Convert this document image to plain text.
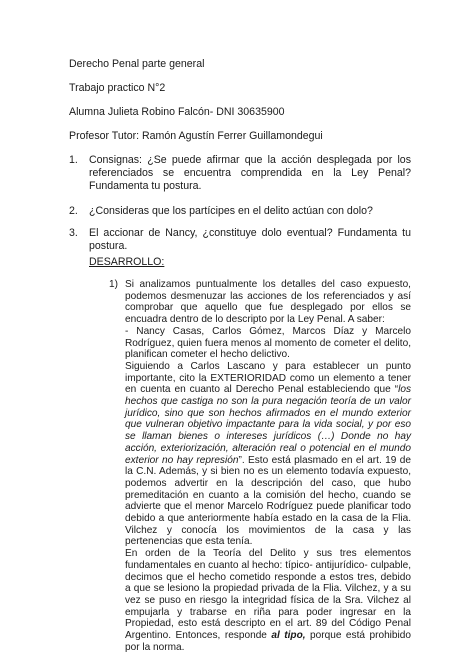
Derecho Penal parte general
Trabajo practico N°2
Alumna Julieta Robino Falcón- DNI 30635900
Profesor Tutor: Ramón Agustín Ferrer Guillamondegui
1. Consignas: ¿Se puede afirmar que la acción desplegada por los referenciados se encuentra comprendida en la Ley Penal? Fundamenta tu postura.
2. ¿Consideras que los partícipes en el delito actúan con dolo?
3. El accionar de Nancy, ¿constituye dolo eventual? Fundamenta tu postura.
DESARROLLO:
1) Si analizamos puntualmente los detalles del caso expuesto, podemos desmenuzar las acciones de los referenciados y así comprobar que aquello que fue desplegado por ellos se encuadra dentro de lo descripto por la Ley Penal. A saber:

- Nancy Casas, Carlos Gómez, Marcos Díaz y Marcelo Rodríguez, quien fuera menos al momento de cometer el delito, planifican cometer el hecho delictivo.

Siguiendo a Carlos Lascano y para establecer un punto importante, cito la EXTERIORIDAD como un elemento a tener en cuenta en cuanto al Derecho Penal estableciendo que “los hechos que castiga no son la pura negación teoría de un valor jurídico, sino que son hechos afirmados en el mundo exterior que vulneran objetivo impactante para la vida social, y por eso se llaman bienes o intereses jurídicos (…) Donde no hay acción, exteriorización, alteración real o potencial en el mundo exterior no hay represión”. Esto está plasmado en el art. 19 de la C.N. Además, y si bien no es un elemento todavía expuesto, podemos advertir en la descripción del caso, que hubo premeditación en cuanto a la comisión del hecho, cuando se advierte que el menor Marcelo Rodríguez puede planificar todo debido a que anteriormente había estado en la casa de la Flia. Vilchez y conocía los movimientos de la casa y las pertenencias que esta tenía.

En orden de la Teoría del Delito y sus tres elementos fundamentales en cuanto al hecho: típico- antijurídico- culpable, decimos que el hecho cometido responde a estos tres, debido a que se lesiono la propiedad privada de la Flia. Vilchez, y a su vez se puso en riesgo la integridad física de la Sra. Vilchez al empujarla y trabarse en riña para poder ingresar en la Propiedad, esto está descripto en el art. 89 del Código Penal Argentino. Entonces, responde al tipo, porque está prohibido por la norma.
